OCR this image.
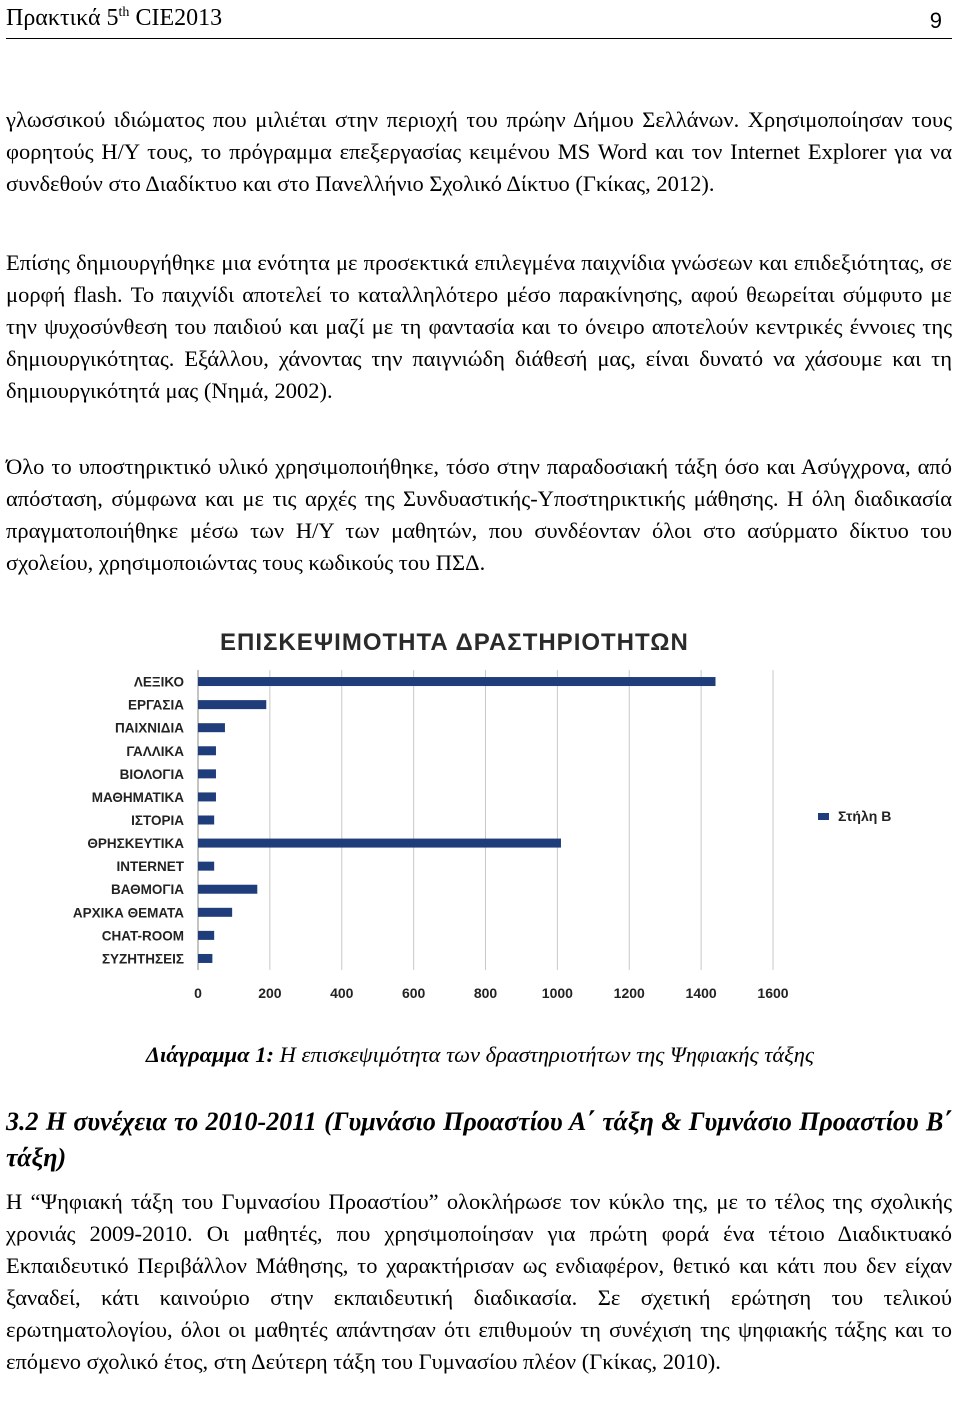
Πρακτικά 5th CIE2013	9
γλωσσικού ιδιώματος που μιλιέται στην περιοχή του πρώην Δήμου Σελλάνων. Χρησιμοποίησαν τους φορητούς Η/Υ τους, το πρόγραμμα επεξεργασίας κειμένου MS Word και τον Internet Explorer για να συνδεθούν στο Διαδίκτυο και στο Πανελλήνιο Σχολικό Δίκτυο (Γκίκας, 2012).
Επίσης δημιουργήθηκε μια ενότητα με προσεκτικά επιλεγμένα παιχνίδια γνώσεων και επιδεξιότητας, σε μορφή flash. Το παιχνίδι αποτελεί το καταλληλότερο μέσο παρακίνησης, αφού θεωρείται σύμφυτο με την ψυχοσύνθεση του παιδιού και μαζί με τη φαντασία και το όνειρο αποτελούν κεντρικές έννοιες της δημιουργικότητας. Εξάλλου, χάνοντας την παιγνιώδη διάθεσή μας, είναι δυνατό να χάσουμε και τη δημιουργικότητά μας (Νημά, 2002).
Όλο το υποστηρικτικό υλικό χρησιμοποιήθηκε, τόσο στην παραδοσιακή τάξη όσο και Ασύγχρονα, από απόσταση, σύμφωνα και με τις αρχές της Συνδυαστικής-Υποστηρικτικής μάθησης. Η όλη διαδικασία πραγματοποιήθηκε μέσω των Η/Υ των μαθητών, που συνδέονταν όλοι στο ασύρματο δίκτυο του σχολείου, χρησιμοποιώντας τους κωδικούς του ΠΣΔ.
ΕΠΙΣΚΕΨΙΜΟΤΗΤΑ ΔΡΑΣΤΗΡΙΟΤΗΤΩΝ
0	200	400	600	800	1000	1200	1400	1600
ΛΕΞΙΚΟ
ΕΡΓΑΣΙΑ
ΠΑΙΧΝΙΔΙΑ
ΓΑΛΛΙΚΑ
ΒΙΟΛΟΓΙΑ
ΜΑΘΗΜΑΤΙΚΑ
ΙΣΤΟΡΙΑ
ΘΡΗΣΚΕΥΤΙΚΑ
INTERNET
ΒΑΘΜΟΓΙΑ
ΑΡΧΙΚΑ ΘΕΜΑΤΑ
CHAT-ROOM
ΣΥΖΗΤΗΣΕΙΣ
Στήλη Β
Διάγραμμα 1: Η επισκεψιμότητα των δραστηριοτήτων της Ψηφιακής τάξης
3.2 Η συνέχεια το 2010-2011 (Γυμνάσιο Προαστίου Α΄ τάξη & Γυμνάσιο Προαστίου Β΄ τάξη)
Η “Ψηφιακή τάξη του Γυμνασίου Προαστίου” ολοκλήρωσε τον κύκλο της, με το τέλος της σχολικής χρονιάς 2009-2010. Οι μαθητές, που χρησιμοποίησαν για πρώτη φορά ένα τέτοιο Διαδικτυακό Εκπαιδευτικό Περιβάλλον Μάθησης, το χαρακτήρισαν ως ενδιαφέρον, θετικό και κάτι που δεν είχαν ξαναδεί, κάτι καινούριο στην εκπαιδευτική διαδικασία. Σε σχετική ερώτηση του τελικού ερωτηματολογίου, όλοι οι μαθητές απάντησαν ότι επιθυμούν τη συνέχιση της ψηφιακής τάξης και το επόμενο σχολικό έτος, στη Δεύτερη τάξη του Γυμνασίου πλέον (Γκίκας, 2010).
